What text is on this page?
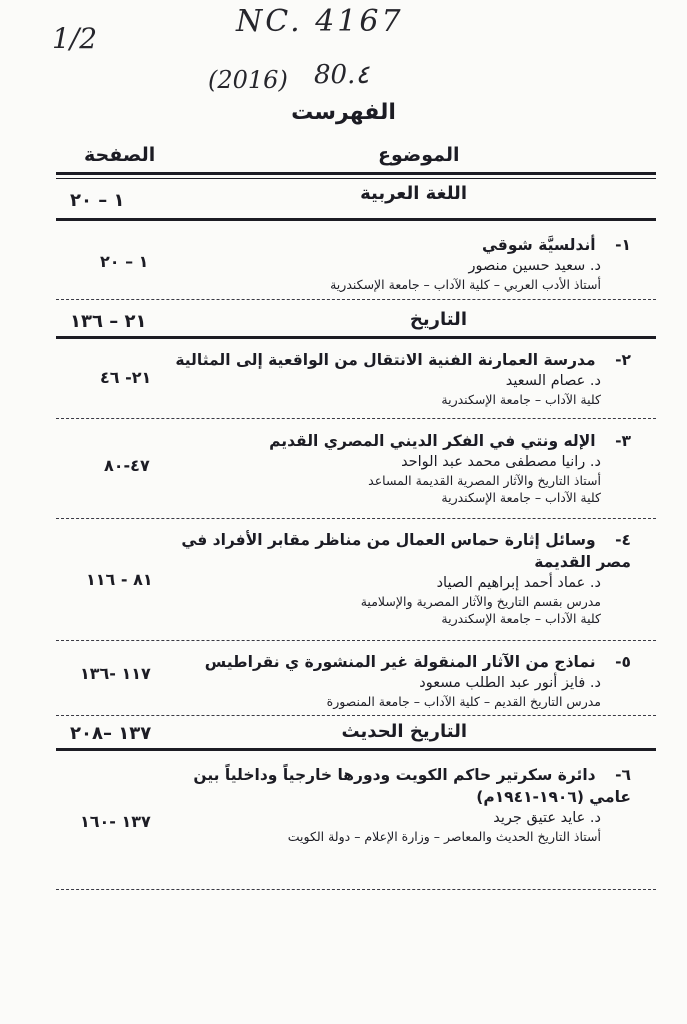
1/2	NC. 4167
(2016) 80.٤
الفهرست
الموضوع
الصفحة
اللغة العربية
١ – ٢٠
١- أندلسيَّة شوقي
د. سعيد حسين منصور
أستاذ الأدب العربي – كلية الآداب – جامعة الإسكندرية
١ – ٢٠
التاريخ
٢١ – ١٣٦
٢- مدرسة العمارنة الفنية الانتقال من الواقعية إلى المثالية
د. عصام السعيد
كلية الآداب – جامعة الإسكندرية
٢١- ٤٦
٣- الإله ونتي في الفكر الديني المصري القديم
د. رانيا مصطفى محمد عبد الواحد
أستاذ التاريخ والآثار المصرية القديمة المساعد
كلية الآداب – جامعة الإسكندرية
٤٧-٨٠
٤- وسائل إثارة حماس العمال من مناظر مقابر الأفراد في مصر القديمة
د. عماد أحمد إبراهيم الصياد
مدرس بقسم التاريخ والآثار المصرية والإسلامية
كلية الآداب – جامعة الإسكندرية
٨١ - ١١٦
٥- نماذج من الآثار المنقولة غير المنشورة ي نقراطيس
د. فايز أنور عبد الطلب مسعود
مدرس التاريخ القديم – كلية الآداب – جامعة المنصورة
١١٧ -١٣٦
التاريخ الحديث
١٣٧ –٢٠٨
٦- دائرة سكرتير حاكم الكويت ودورها خارجياً وداخلياً بين عامي (١٩٠٦-١٩٤١م)
د. عايد عتيق جريد
أستاذ التاريخ الحديث والمعاصر – وزارة الإعلام – دولة الكويت
١٣٧ -١٦٠
